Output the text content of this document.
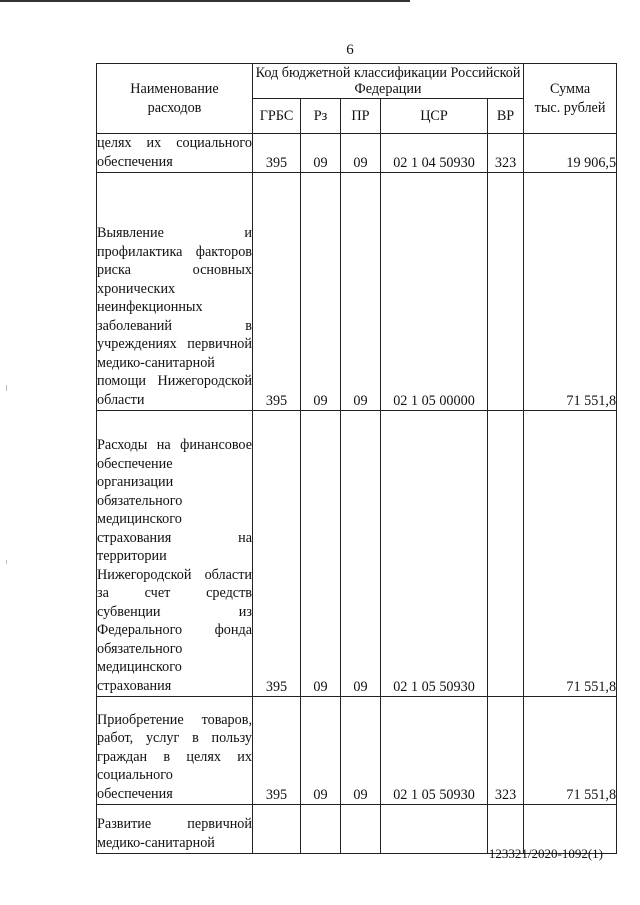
6
Наименование расходов	Код бюджетной классификации Российской Федерации					Сумма
тыс. рублей

	ГРБС	Рз	ПР	ЦСР	ВР	

целях их социального обеспечения	395	09	09	02 1 04 50930	323	19 906,5

Выявление и профилактика факторов риска основных хронических неинфекционных заболеваний в учреждениях первичной медико-санитарной помощи Нижегородской области	395	09	09	02 1 05 00000		71 551,8

Расходы на финансовое обеспечение организации обязательного медицинского страхования на территории Нижегородской области за счет средств субвенции из Федерального фонда обязательного медицинского страхования	395	09	09	02 1 05 50930		71 551,8

Приобретение товаров, работ, услуг в пользу граждан в целях их социального обеспечения	395	09	09	02 1 05 50930	323	71 551,8

Развитие первичной медико-санитарной						

123321/2020-1092(1)
